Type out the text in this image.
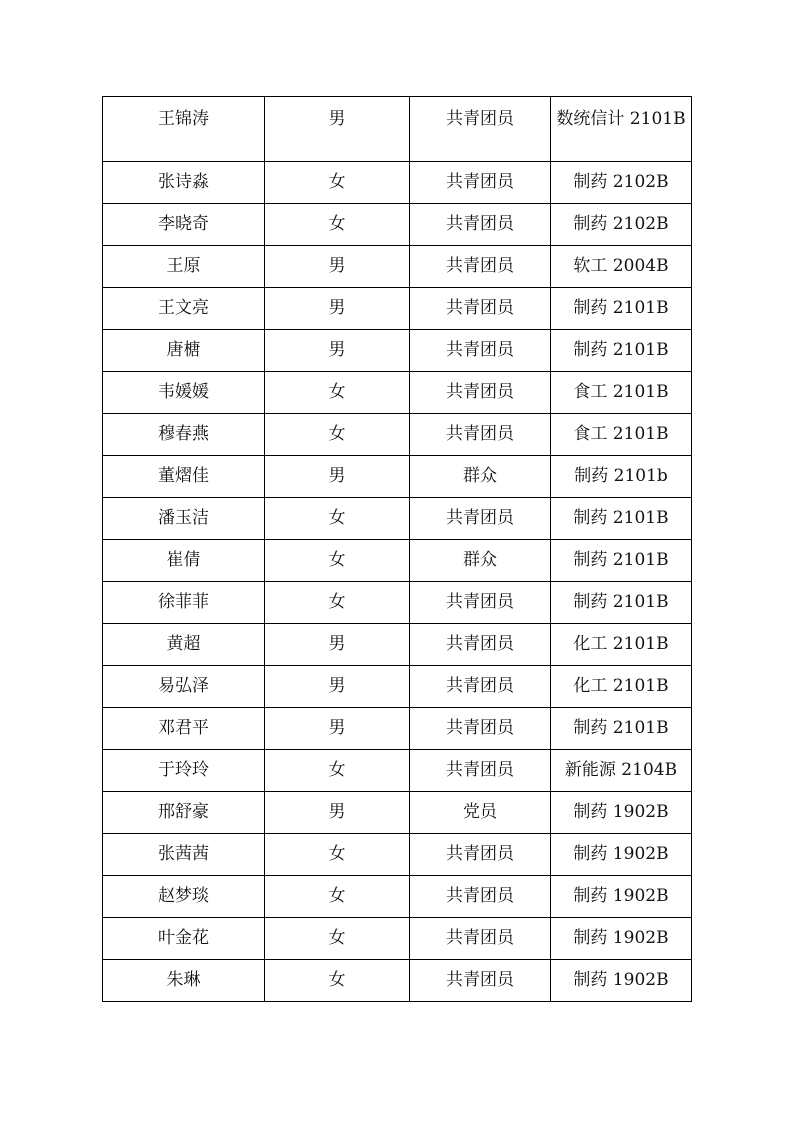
王锦涛	男	共青团员	数统信计 2101B
张诗淼	女	共青团员	制药 2102B
李晓奇	女	共青团员	制药 2102B
王原	男	共青团员	软工 2004B
王文亮	男	共青团员	制药 2101B
唐榶	男	共青团员	制药 2101B
韦媛媛	女	共青团员	食工 2101B
穆春燕	女	共青团员	食工 2101B
董熠佳	男	群众	制药 2101b
潘玉洁	女	共青团员	制药 2101B
崔倩	女	群众	制药 2101B
徐菲菲	女	共青团员	制药 2101B
黄超	男	共青团员	化工 2101B
易弘泽	男	共青团员	化工 2101B
邓君平	男	共青团员	制药 2101B
于玲玲	女	共青团员	新能源 2104B
邢舒豪	男	党员	制药 1902B
张茜茜	女	共青团员	制药 1902B
赵梦琰	女	共青团员	制药 1902B
叶金花	女	共青团员	制药 1902B
朱琳	女	共青团员	制药 1902B
